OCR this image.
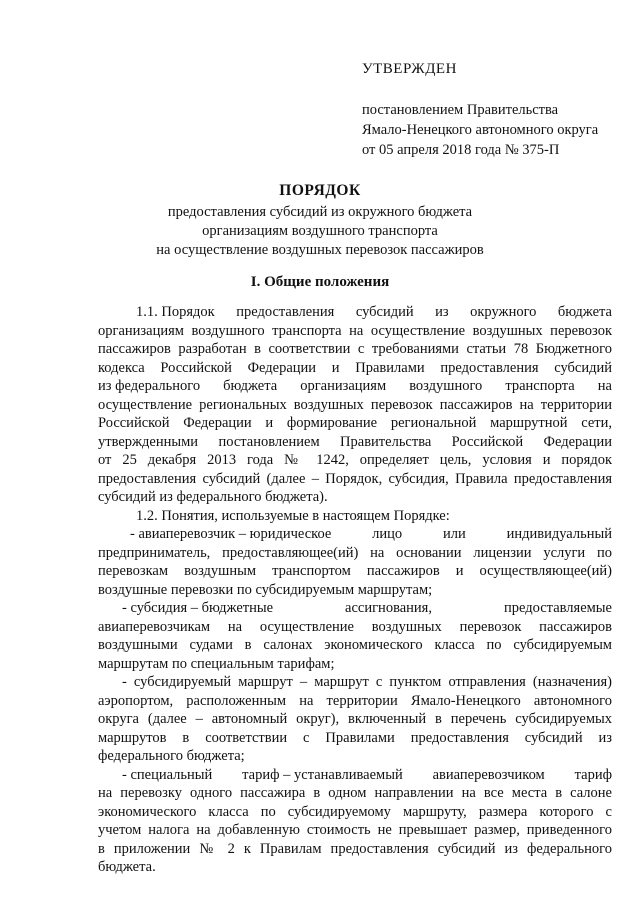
УТВЕРЖДЕН
постановлением Правительства
Ямало-Ненецкого автономного округа
от 05 апреля 2018 года № 375-П
ПОРЯДОК
предоставления субсидий из окружного бюджета
организациям воздушного транспорта
на осуществление воздушных перевозок пассажиров
I. Общие положения
1.1. Порядок предоставления субсидий из окружного бюджета
организациям воздушного транспорта на осуществление воздушных перевозок
пассажиров разработан в соответствии с требованиями статьи 78 Бюджетного
кодекса Российской Федерации и Правилами предоставления субсидий
из федерального бюджета организациям воздушного транспорта на
осуществление региональных воздушных перевозок пассажиров на территории
Российской Федерации и формирование региональной маршрутной сети,
утвержденными постановлением Правительства Российской Федерации
от 25 декабря 2013 года № 1242, определяет цель, условия и порядок
предоставления субсидий (далее – Порядок, субсидия, Правила предоставления
субсидий из федерального бюджета).
1.2. Понятия, используемые в настоящем Порядке:
- авиаперевозчик – юридическое	лицо	или	индивидуальный
предприниматель, предоставляющее(ий) на основании лицензии услуги по
перевозкам воздушным транспортом пассажиров и осуществляющее(ий)
воздушные перевозки по субсидируемым маршрутам;
- субсидия – бюджетные	ассигнования,	предоставляемые
авиаперевозчикам на осуществление воздушных перевозок пассажиров
воздушными судами в салонах экономического класса по субсидируемым
маршрутам по специальным тарифам;
- субсидируемый маршрут – маршрут с пунктом отправления (назначения)
аэропортом, расположенным на территории Ямало-Ненецкого автономного
округа (далее – автономный округ), включенный в перечень субсидируемых
маршрутов в соответствии с Правилами предоставления субсидий из
федерального бюджета;
- специальный тариф – устанавливаемый авиаперевозчиком тариф
на перевозку одного пассажира в одном направлении на все места в салоне
экономического класса по субсидируемому маршруту, размера которого с
учетом налога на добавленную стоимость не превышает размер, приведенного
в приложении № 2 к Правилам предоставления субсидий из федерального
бюджета.
